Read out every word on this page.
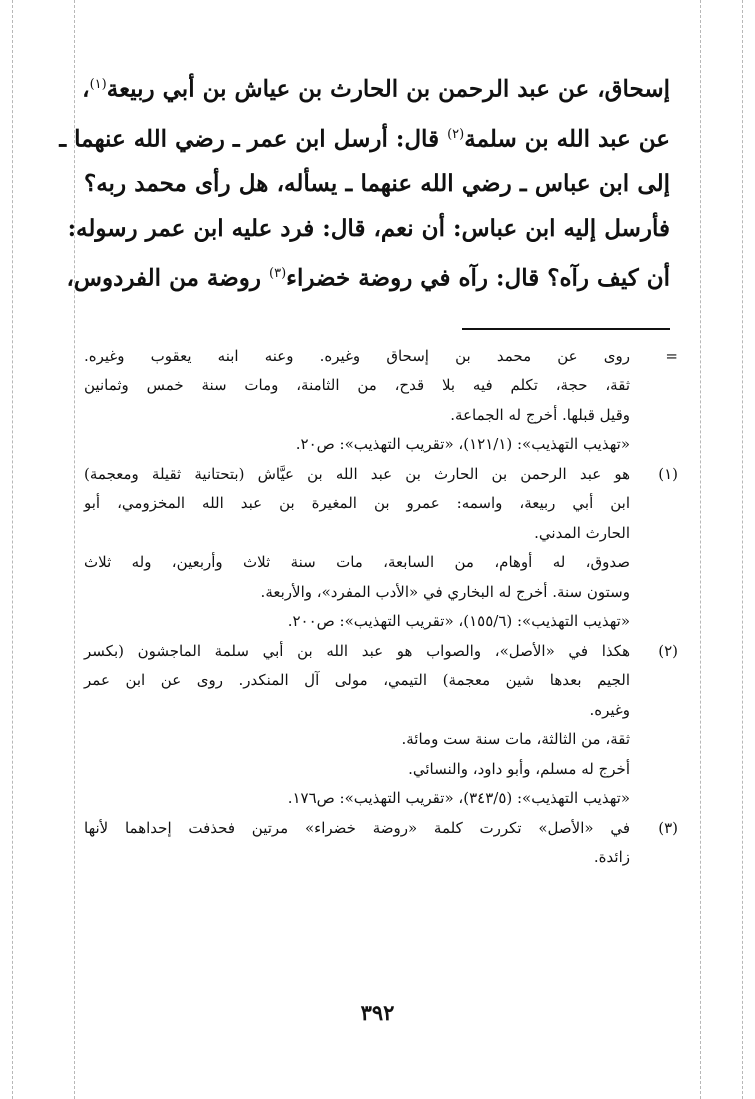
إسحاق، عن عبد الرحمن بن الحارث بن عياش بن أبي ربيعة$^{(١)}$،

عن عبد الله بن سلمة$^{(٢)}$ قال: أرسل ابن عمر ـ رضي الله عنهما ـ

إلى ابن عباس ـ رضي الله عنهما ـ يسأله، هل رأى محمد ربه؟

فأرسل إليه ابن عباس: أن نعم، قال: فرد عليه ابن عمر رسوله:

أن كيف رآه؟ قال: رآه في روضة خضراء$^{(٣)}$ روضة من الفردوس،

=
روى عن محمد بن إسحاق وغيره. وعنه ابنه يعقوب وغيره.
ثقة، حجة، تكلم فيه بلا قدح، من الثامنة، ومات سنة خمس وثمانين
وقيل قبلها. أخرج له الجماعة.
«تهذيب التهذيب»: (١٢١/١)، «تقريب التهذيب»: ص٢٠.
(١)
هو عبد الرحمن بن الحارث بن عبد الله بن عيَّاش (بتحتانية ثقيلة ومعجمة)
ابن أبي ربيعة، واسمه: عمرو بن المغيرة بن عبد الله المخزومي، أبو
الحارث المدني.
صدوق، له أوهام، من السابعة، مات سنة ثلاث وأربعين، وله ثلاث
وستون سنة. أخرج له البخاري في «الأدب المفرد»، والأربعة.
«تهذيب التهذيب»: (١٥٥/٦)، «تقريب التهذيب»: ص٢٠٠.
(٢)
هكذا في «الأصل»، والصواب هو عبد الله بن أبي سلمة الماجشون (بكسر
الجيم بعدها شين معجمة) التيمي، مولى آل المنكدر. روى عن ابن عمر
وغيره.
ثقة، من الثالثة، مات سنة ست ومائة.
أخرج له مسلم، وأبو داود، والنسائي.
«تهذيب التهذيب»: (٣٤٣/٥)، «تقريب التهذيب»: ص١٧٦.
(٣)
في «الأصل» تكررت كلمة «روضة خضراء» مرتين فحذفت إحداهما لأنها
زائدة.
٣٩٢
